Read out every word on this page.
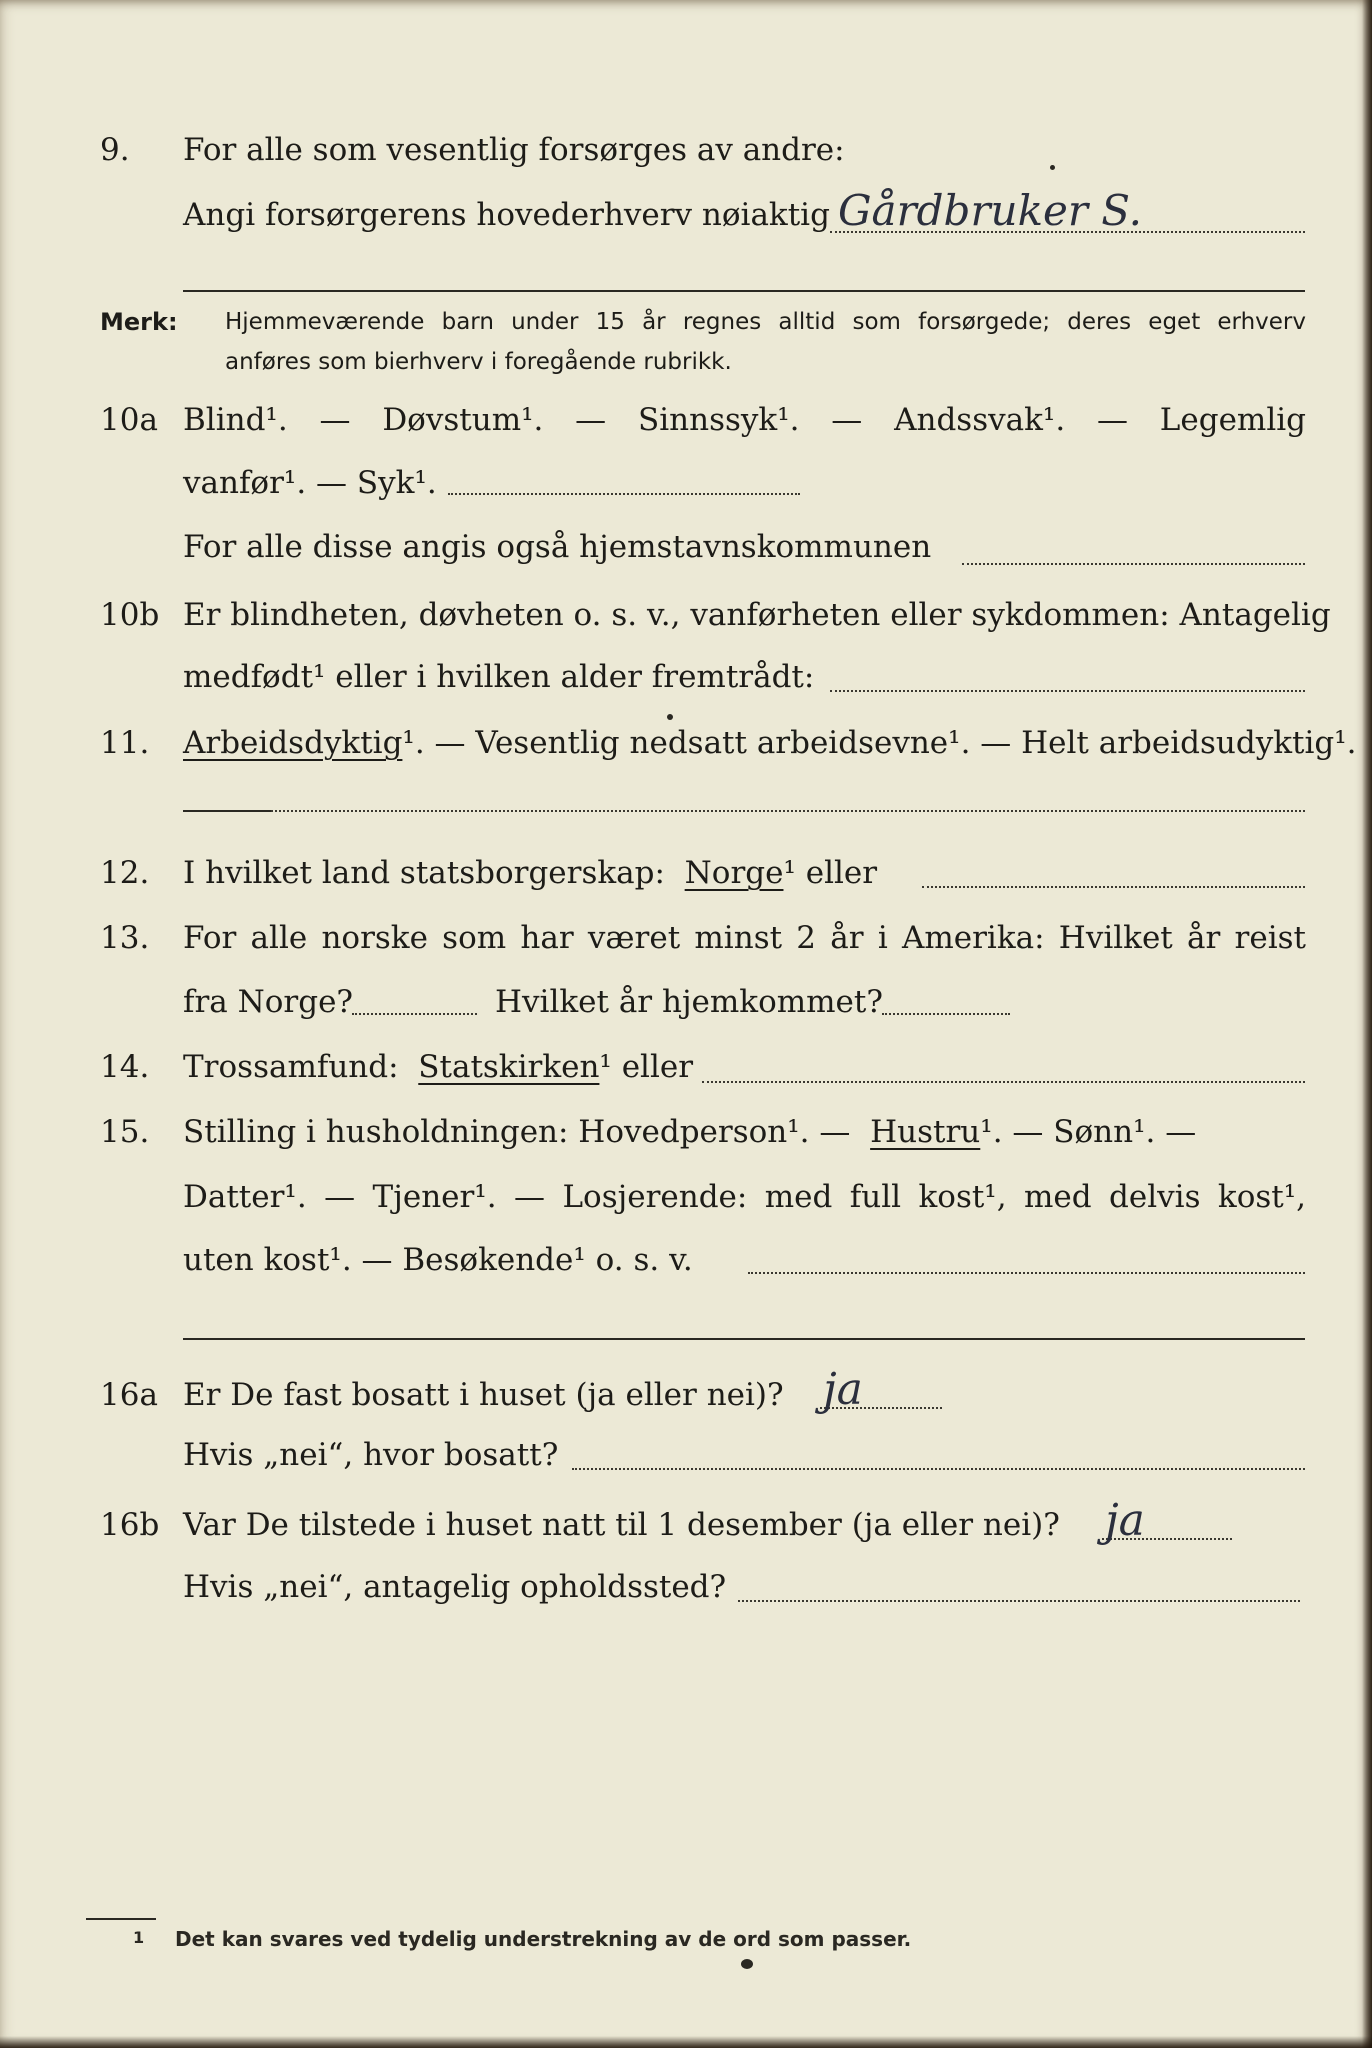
9. For alle som vesentlig forsørges av andre:
Angi forsørgerens hovederhverv nøiaktig Gårdbruker S.
Merk: Hjemmeværende barn under 15 år regnes alltid som forsørgede; deres eget erhverv
anføres som bierhverv i foregående rubrikk.
10a Blind¹. — Døvstum¹. — Sinnssyk¹. — Andssvak¹. — Legemlig
vanfør¹. — Syk¹.
For alle disse angis også hjemstavnskommunen
10b Er blindheten, døvheten o. s. v., vanførheten eller sykdommen: Antagelig
medfødt¹ eller i hvilken alder fremtrådt:
11. Arbeidsdyktig¹. — Vesentlig nedsatt arbeidsevne¹. — Helt arbeidsudyktig¹.
12. I hvilket land statsborgerskap: Norge¹ eller
13. For alle norske som har været minst 2 år i Amerika: Hvilket år reist
fra Norge?	Hvilket år hjemkommet?
14. Trossamfund: Statskirken¹ eller
15. Stilling i husholdningen: Hovedperson¹. — Hustru¹. — Sønn¹. —
Datter¹. — Tjener¹. — Losjerende: med full kost¹, med delvis kost¹,
uten kost¹. — Besøkende¹ o. s. v.
16a Er De fast bosatt i huset (ja eller nei)? ja
Hvis „nei“, hvor bosatt?
16b Var De tilstede i huset natt til 1 desember (ja eller nei)? ja
Hvis „nei“, antagelig opholdssted?
1 Det kan svares ved tydelig understrekning av de ord som passer.
